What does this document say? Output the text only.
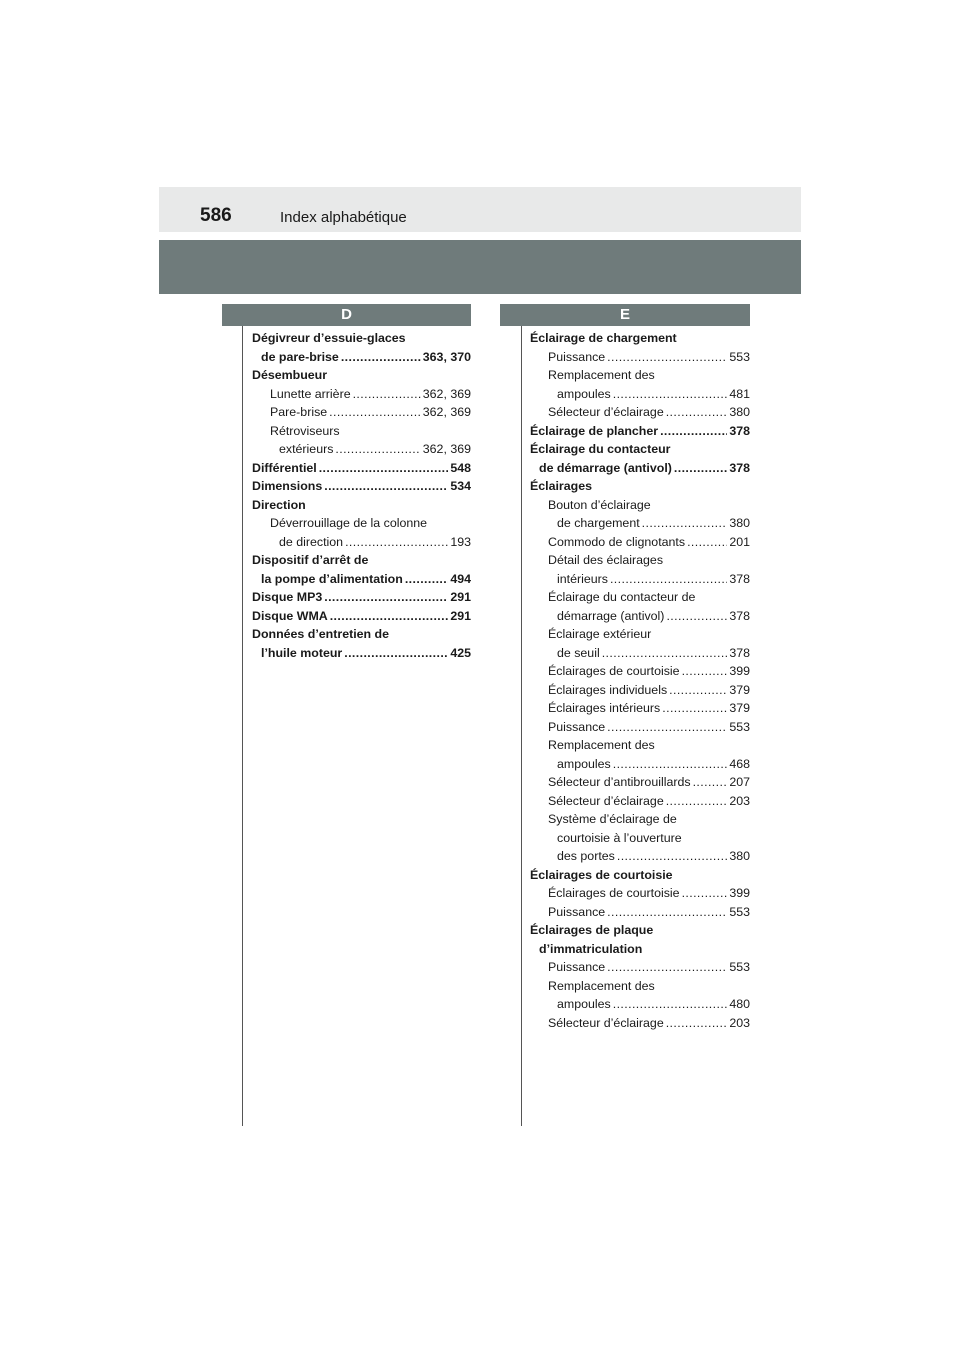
586	Index alphabétique
D	E
Dégivreur d’essuie-glaces
de pare-brise .....	363, 370
Désembueur
Lunette arrière .....	362, 369
Pare-brise .....	362, 369
Rétroviseurs
extérieurs .....	362, 369
Différentiel .....	548
Dimensions .....	534
Direction
Déverrouillage de la colonne
de direction .....	193
Dispositif d’arrêt de
la pompe d’alimentation .....	494
Disque MP3 .....	291
Disque WMA .....	291
Données d’entretien de
l’huile moteur .....	425
Éclairage de chargement
Puissance .....	553
Remplacement des
ampoules .....	481
Sélecteur d’éclairage .....	380
Éclairage de plancher .....	378
Éclairage du contacteur
de démarrage (antivol) .....	378
Éclairages
Bouton d’éclairage
de chargement .....	380
Commodo de clignotants .....	201
Détail des éclairages
intérieurs .....	378
Éclairage du contacteur de
démarrage (antivol) .....	378
Éclairage extérieur
de seuil .....	378
Éclairages de courtoisie .....	399
Éclairages individuels .....	379
Éclairages intérieurs .....	379
Puissance .....	553
Remplacement des
ampoules .....	468
Sélecteur d’antibrouillards .....	207
Sélecteur d’éclairage .....	203
Système d’éclairage de
courtoisie à l’ouverture
des portes .....	380
Éclairages de courtoisie
Éclairages de courtoisie .....	399
Puissance .....	553
Éclairages de plaque
d’immatriculation
Puissance .....	553
Remplacement des
ampoules .....	480
Sélecteur d’éclairage .....	203
